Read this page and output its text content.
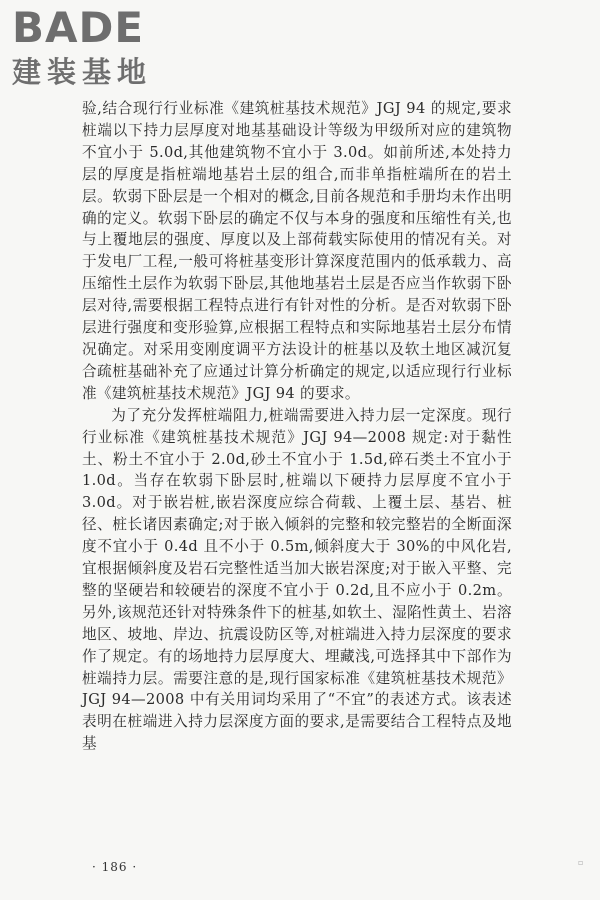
BADE
建装基地

验,结合现行行业标准《建筑桩基技术规范》JGJ 94 的规定,要求桩端以下持力层厚度对地基基础设计等级为甲级所对应的建筑物不宜小于 5.0d,其他建筑物不宜小于 3.0d。如前所述,本处持力层的厚度是指桩端地基岩土层的组合,而非单指桩端所在的岩土层。软弱下卧层是一个相对的概念,目前各规范和手册均未作出明确的定义。软弱下卧层的确定不仅与本身的强度和压缩性有关,也与上覆地层的强度、厚度以及上部荷载实际使用的情况有关。对于发电厂工程,一般可将桩基变形计算深度范围内的低承载力、高压缩性土层作为软弱下卧层,其他地基岩土层是否应当作软弱下卧层对待,需要根据工程特点进行有针对性的分析。是否对软弱下卧层进行强度和变形验算,应根据工程特点和实际地基岩土层分布情况确定。对采用变刚度调平方法设计的桩基以及软土地区减沉复合疏桩基础补充了应通过计算分析确定的规定,以适应现行行业标准《建筑桩基技术规范》JGJ 94 的要求。

为了充分发挥桩端阻力,桩端需要进入持力层一定深度。现行行业标准《建筑桩基技术规范》JGJ 94—2008 规定:对于黏性土、粉土不宜小于 2.0d,砂土不宜小于 1.5d,碎石类土不宜小于 1.0d。当存在软弱下卧层时,桩端以下硬持力层厚度不宜小于 3.0d。对于嵌岩桩,嵌岩深度应综合荷载、上覆土层、基岩、桩径、桩长诸因素确定;对于嵌入倾斜的完整和较完整岩的全断面深度不宜小于 0.4d 且不小于 0.5m,倾斜度大于 30%的中风化岩,宜根据倾斜度及岩石完整性适当加大嵌岩深度;对于嵌入平整、完整的坚硬岩和较硬岩的深度不宜小于 0.2d,且不应小于 0.2m。另外,该规范还针对特殊条件下的桩基,如软土、湿陷性黄土、岩溶地区、坡地、岸边、抗震设防区等,对桩端进入持力层深度的要求作了规定。有的场地持力层厚度大、埋藏浅,可选择其中下部作为桩端持力层。需要注意的是,现行国家标准《建筑桩基技术规范》JGJ 94—2008 中有关用词均采用了“不宜”的表述方式。该表述表明在桩端进入持力层深度方面的要求,是需要结合工程特点及地基

· 186 ·	▫
